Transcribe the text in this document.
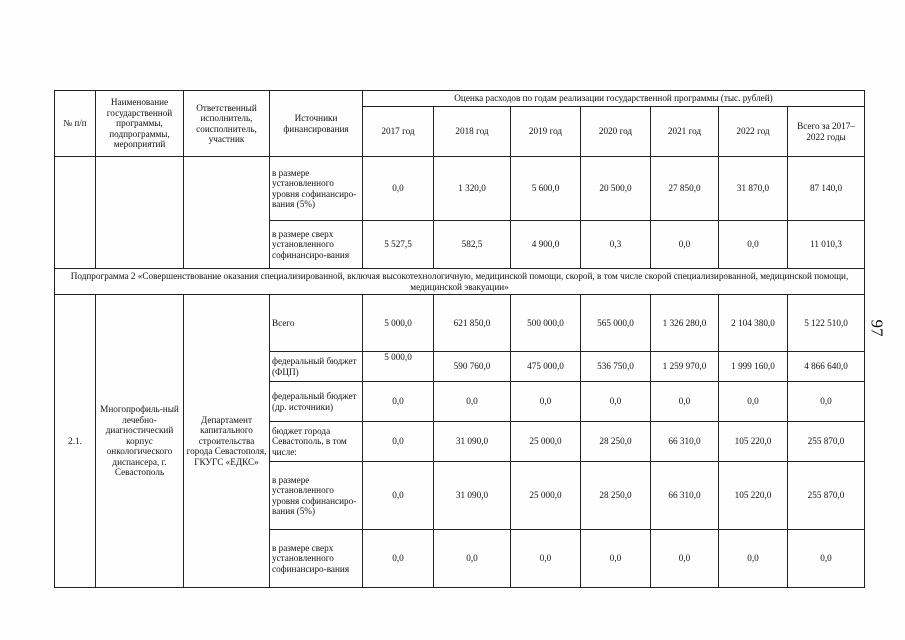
№ п/п	Наименование государственной программы, подпрограммы, мероприятий	Ответственный исполнитель, соисполнитель, участник	Источники финансирования	Оценка расходов по годам реализации государственной программы (тыс. рублей)						
				2017 год	2018 год	2019 год	2020 год	2021 год	2022 год	Всего за 2017–2022 годы
			в размере установленного уровня софинансиро-вания (5%)	0,0	1 320,0	5 600,0	20 500,0	27 850,0	31 870,0	87 140,0
			в размере сверх установленного софинансиро-вания	5 527,5	582,5	4 900,0	0,3	0,0	0,0	11 010,3
Подпрограмма 2 «Совершенствование оказания специализированной, включая высокотехнологичную, медицинской помощи, скорой, в том числе скорой специализированной, медицинской помощи, медицинской эвакуации»										
2.1.	Многопрофиль-ный лечебно-диагностический корпус онкологического диспансера, г. Севастополь	Департамент капитального строительства города Севастополя, ГКУГС «ЕДКС»	Всего	5 000,0	621 850,0	500 000,0	565 000,0	1 326 280,0	2 104 380,0	5 122 510,0
			федеральный бюджет (ФЦП)	5 000,0	590 760,0	475 000,0	536 750,0	1 259 970,0	1 999 160,0	4 866 640,0
			федеральный бюджет (др. источники)	0,0	0,0	0,0	0,0	0,0	0,0	0,0
			бюджет города Севастополь, в том числе:	0,0	31 090,0	25 000,0	28 250,0	66 310,0	105 220,0	255 870,0
			в размере установленного уровня софинансиро-вания (5%)	0,0	31 090,0	25 000,0	28 250,0	66 310,0	105 220,0	255 870,0
			в размере сверх установленного софинансиро-вания	0,0	0,0	0,0	0,0	0,0	0,0	0,0
97
